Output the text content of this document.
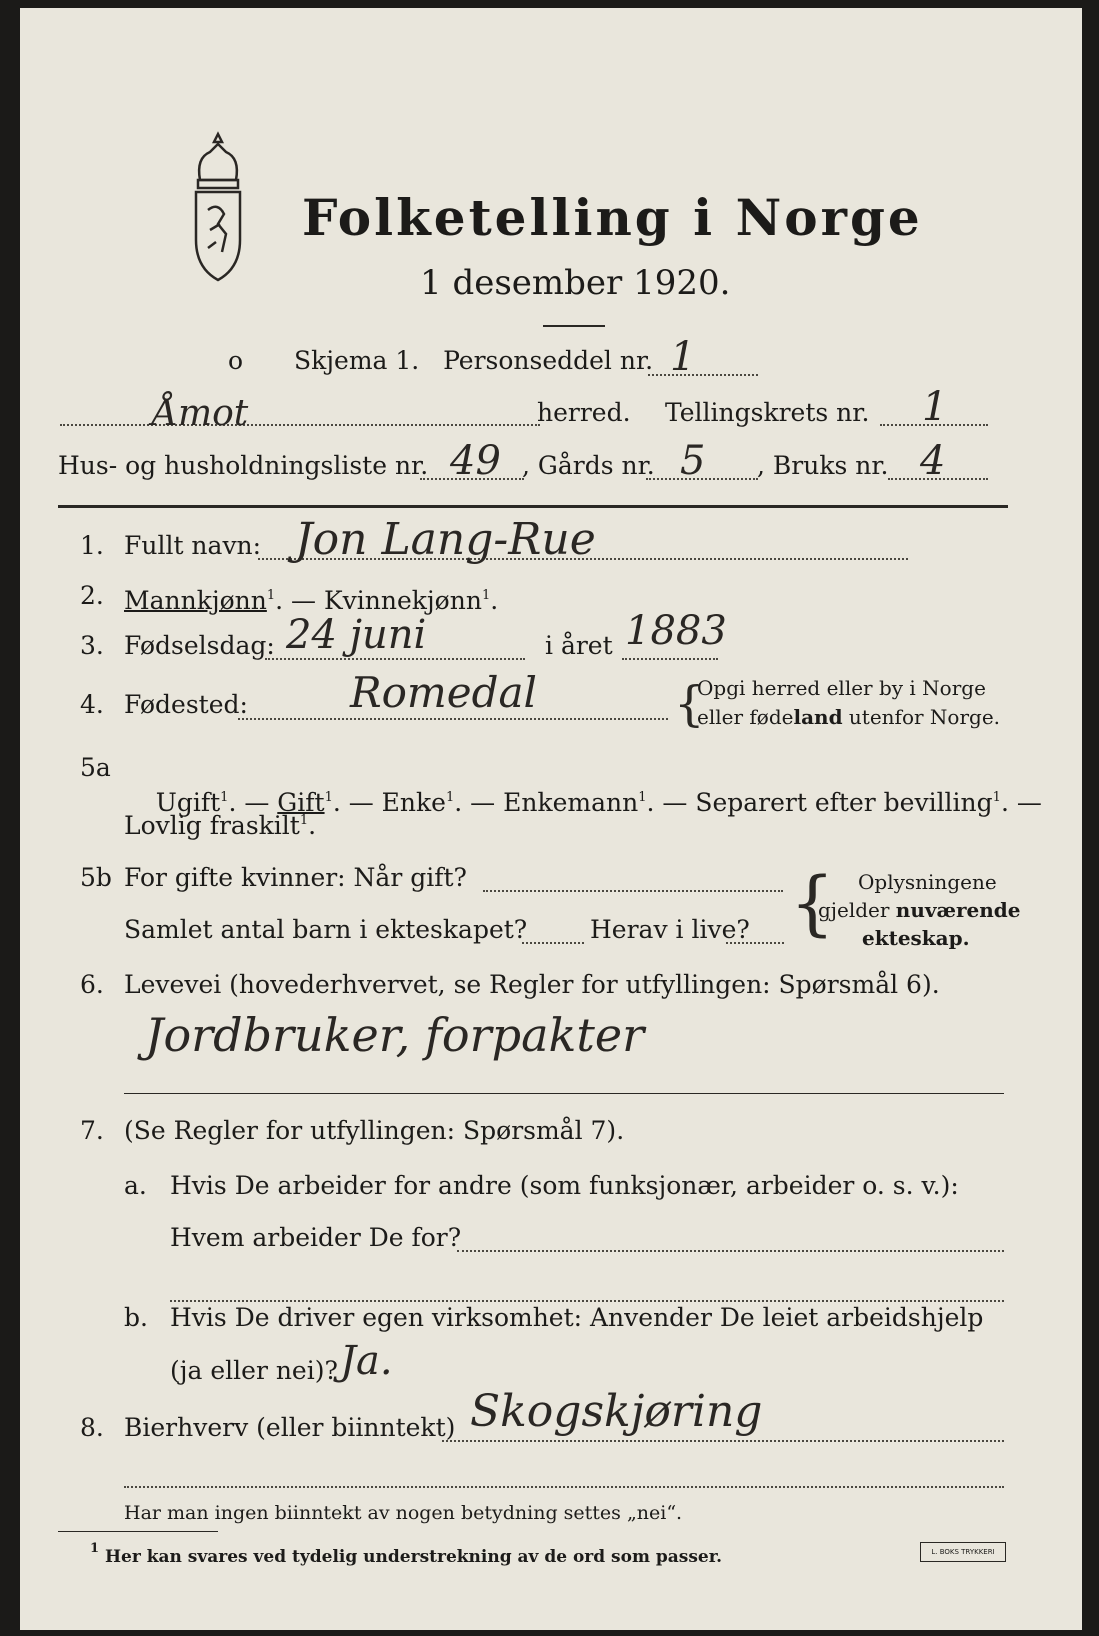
Folketelling i Norge
1 desember 1920.
o Skjema 1.   Personseddel nr. 1
Åmot	herred. Tellingskrets nr. 1
Hus- og husholdningsliste nr. 49 , Gårds nr. 5 , Bruks nr. 4
1. Fullt navn: Jon Lang-Rue
2. Mannkjønn$^1$. — Kvinnekjønn$^1$.
3. Fødselsdag: 24 juni	i året 1883
4. Fødested: Romedal	{
Opgi herred eller by i Norge
eller fødeland utenfor Norge.
5a

Ugift$^1$. — Gift$^1$. — Enke$^1$. — Enkemann$^1$. — Separert efter bevilling$^1$. —

Lovlig fraskilt$^1$.
5b For gifte kvinner: Når gift?
Samlet antal barn i ekteskapet?	Herav i live? { Oplysningene
gjelder nuværende
ekteskap.
6. Levevei (hovederhvervet, se Regler for utfyllingen: Spørsmål 6).
Jordbruker, forpakter
7. (Se Regler for utfyllingen: Spørsmål 7).
a. Hvis De arbeider for andre (som funksjonær, arbeider o. s. v.):
Hvem arbeider De for?
b. Hvis De driver egen virksomhet: Anvender De leiet arbeidshjelp
(ja eller nei)? Ja.
8. Bierhverv (eller biinntekt) Skogskjøring
Har man ingen biinntekt av nogen betydning settes „nei“.
$^1$ Her kan svares ved tydelig understrekning av de ord som passer.	L. BOKS TRYKKERI
